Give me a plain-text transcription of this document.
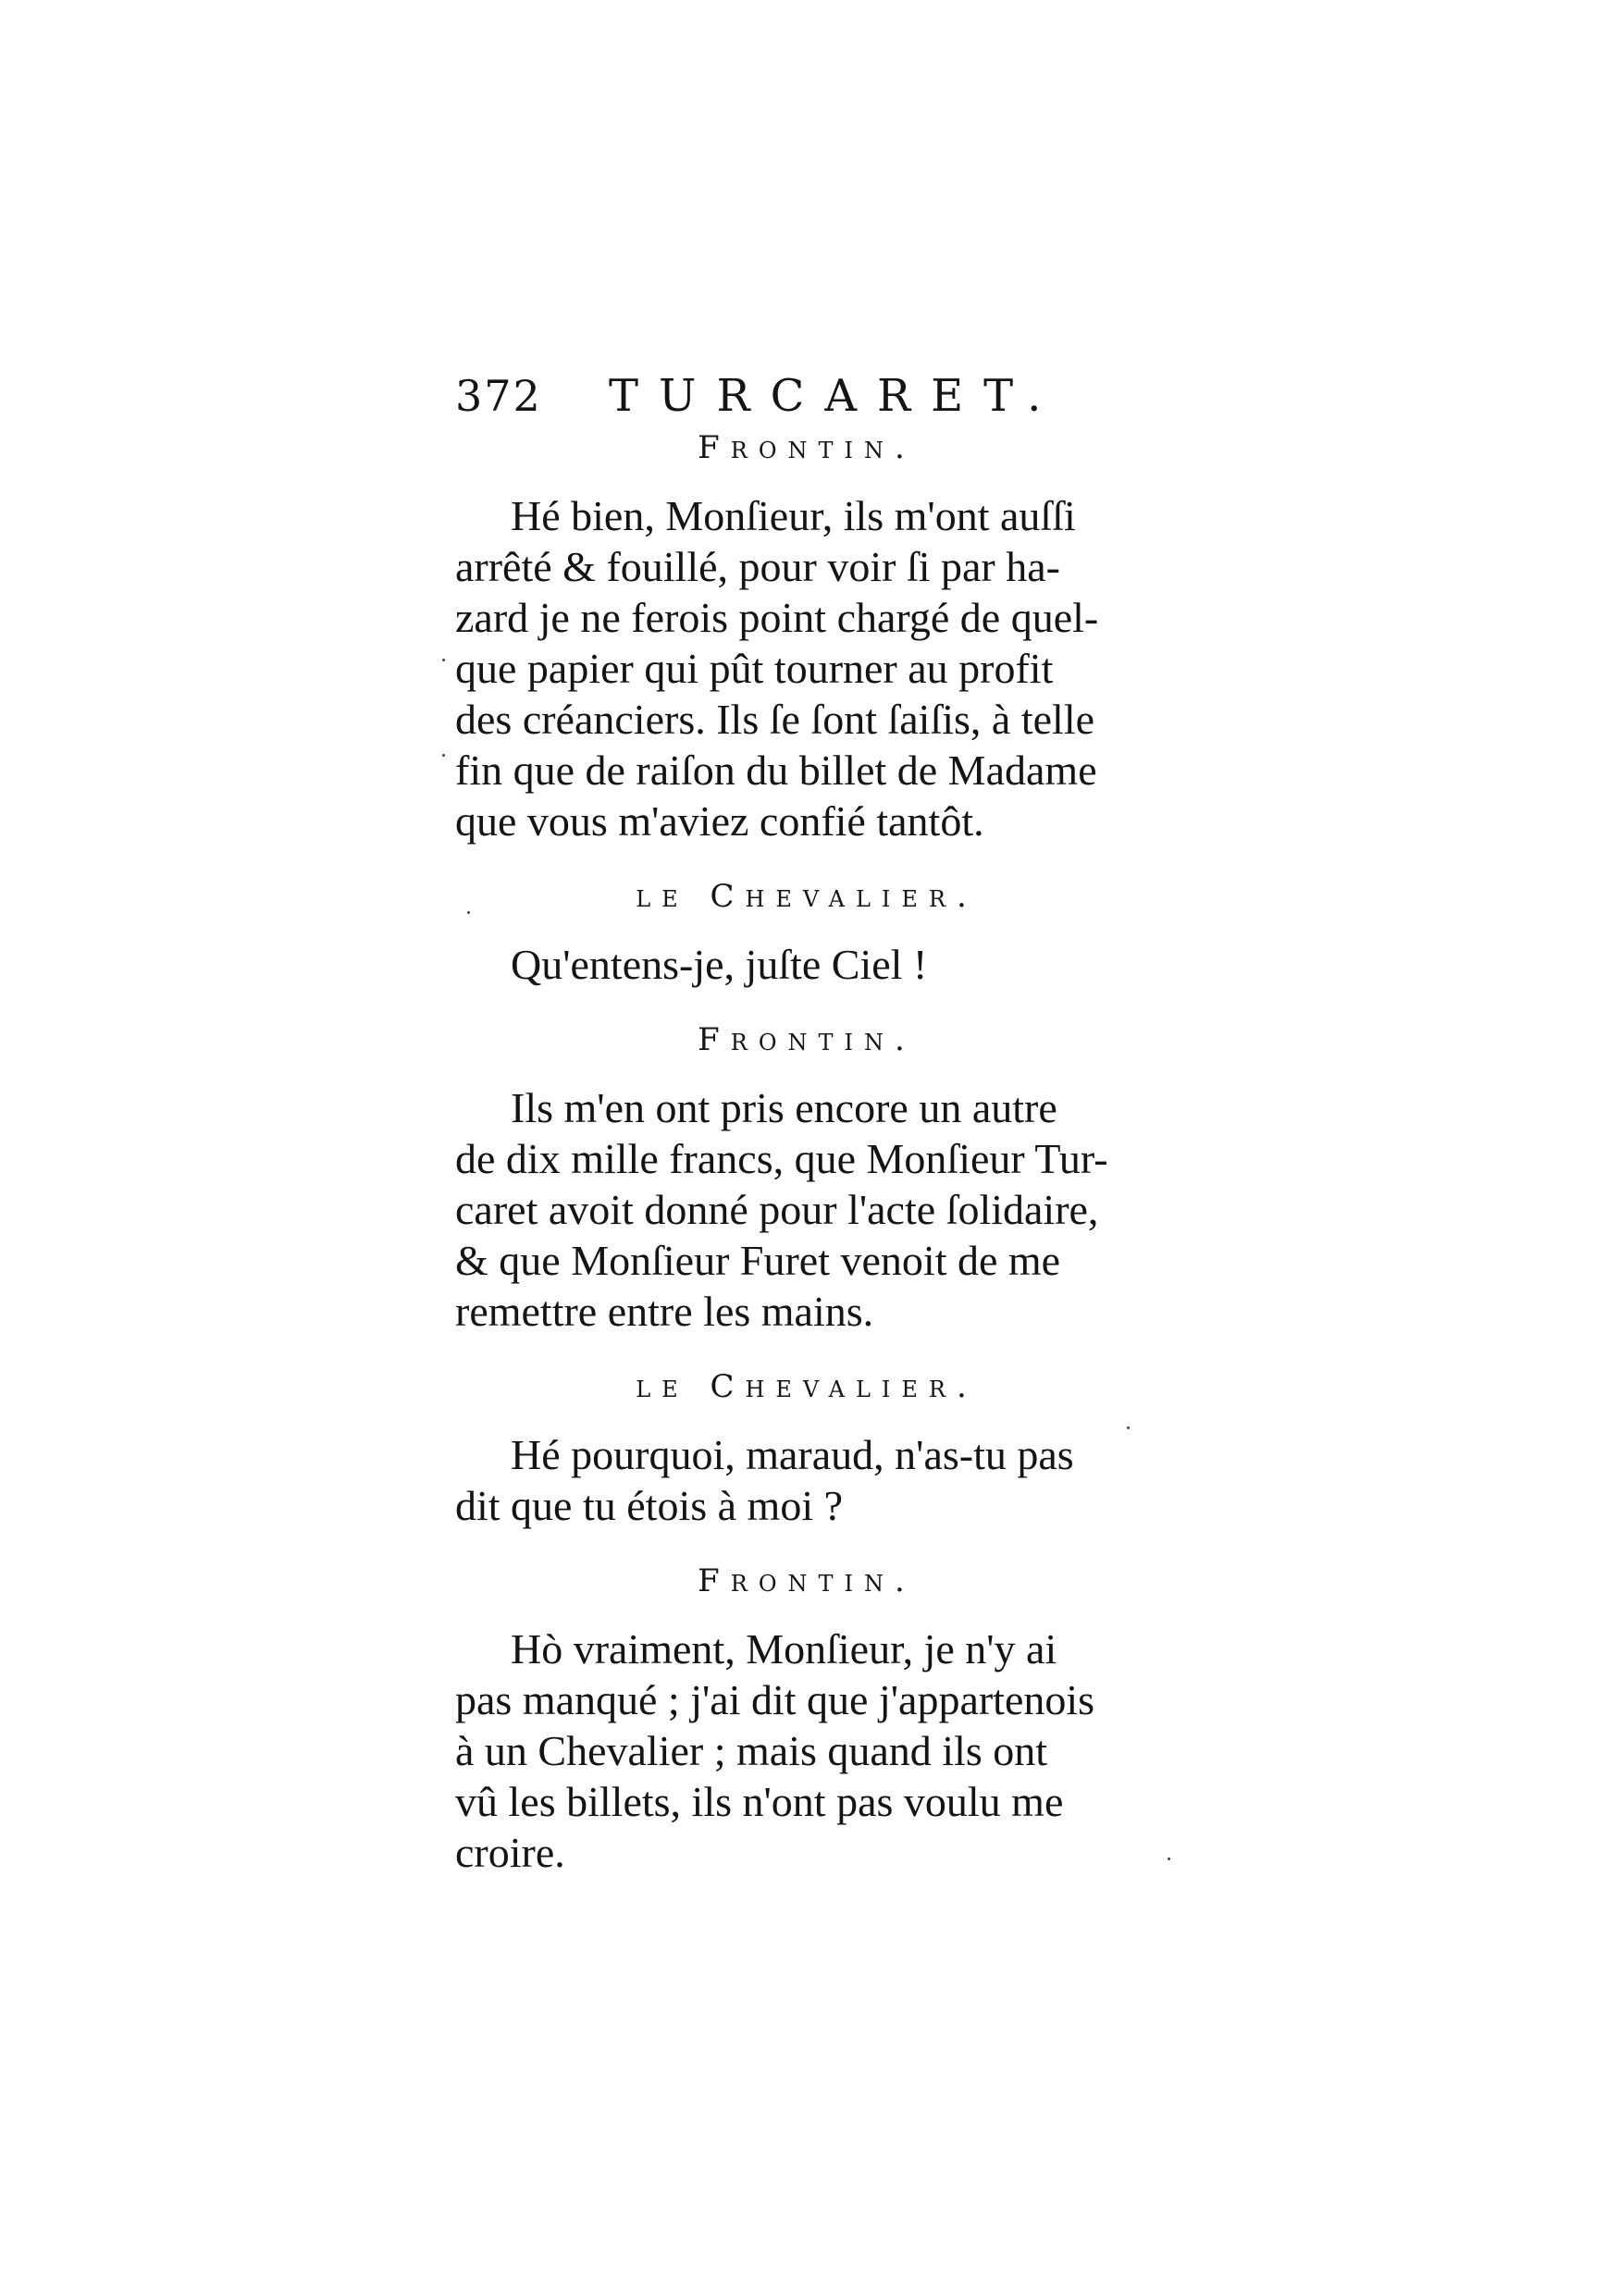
372 TURCARET.

Frontin.

Hé bien, Monſieur, ils m'ont auſſi
arrêté & fouillé, pour voir ſi par ha-
zard je ne ferois point chargé de quel-
que papier qui pût tourner au profit
des créanciers. Ils ſe ſont ſaiſis, à telle
fin que de raiſon du billet de Madame
que vous m'aviez confié tantôt.

le Chevalier.

Qu'entens-je, juſte Ciel !

Frontin.

Ils m'en ont pris encore un autre
de dix mille francs, que Monſieur Tur-
caret avoit donné pour l'acte ſolidaire,
& que Monſieur Furet venoit de me
remettre entre les mains.

le Chevalier.

Hé pourquoi, maraud, n'as-tu pas
dit que tu étois à moi ?

Frontin.

Hò vraiment, Monſieur, je n'y ai
pas manqué ; j'ai dit que j'appartenois
à un Chevalier ; mais quand ils ont
vû les billets, ils n'ont pas voulu me
croire.
